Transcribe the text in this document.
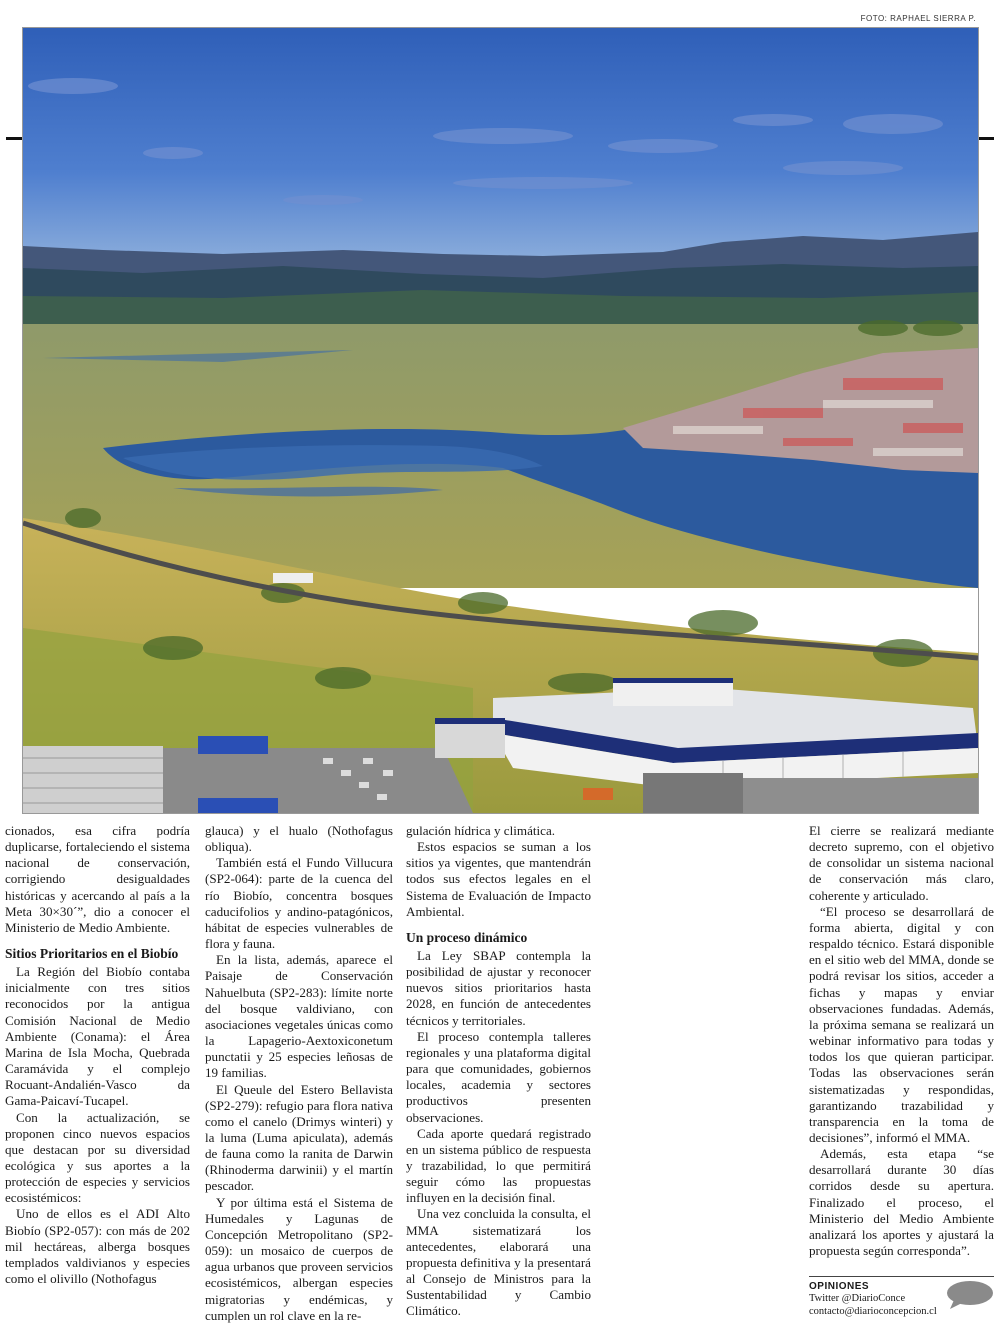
FOTO: RAPHAEL SIERRA P.

cionados, esa cifra podría duplicarse, fortaleciendo el sistema nacional de conservación, corrigiendo desigualdades históricas y acercando al país a la Meta 30×30´”, dio a conocer el Ministerio de Medio Ambiente.

Sitios Prioritarios en el Biobío

La Región del Biobío contaba inicialmente con tres sitios reconocidos por la antigua Comisión Nacional de Medio Ambiente (Conama): el Área Marina de Isla Mocha, Quebrada Caramávida y el complejo Rocuant-Andalién-Vasco da Gama-Paicaví-Tucapel.

Con la actualización, se proponen cinco nuevos espacios que destacan por su diversidad ecológica y sus aportes a la protección de especies y servicios ecosistémicos:

Uno de ellos es el ADI Alto Biobío (SP2-057): con más de 202 mil hectáreas, alberga bosques templados valdivianos y especies como el olivillo (Nothofagus

glauca) y el hualo (Nothofagus obliqua).

También está el Fundo Villucura (SP2-064): parte de la cuenca del río Biobío, concentra bosques caducifolios y andino-patagónicos, hábitat de especies vulnerables de flora y fauna.

En la lista, además, aparece el Paisaje de Conservación Nahuelbuta (SP2-283): límite norte del bosque valdiviano, con asociaciones vegetales únicas como la Lapagerio-Aextoxiconetum punctatii y 25 especies leñosas de 19 familias.

El Queule del Estero Bellavista (SP2-279): refugio para flora nativa como el canelo (Drimys winteri) y la luma (Luma apiculata), además de fauna como la ranita de Darwin (Rhinoderma darwinii) y el martín pescador.

Y por última está el Sistema de Humedales y Lagunas de Concepción Metropolitano (SP2-059): un mosaico de cuerpos de agua urbanos que proveen servicios ecosistémicos, albergan especies migratorias y endémicas, y cumplen un rol clave en la re-

gulación hídrica y climática.

Estos espacios se suman a los sitios ya vigentes, que mantendrán todos sus efectos legales en el Sistema de Evaluación de Impacto Ambiental.

Un proceso dinámico

La Ley SBAP contempla la posibilidad de ajustar y reconocer nuevos sitios prioritarios hasta 2028, en función de antecedentes técnicos y territoriales.

El proceso contempla talleres regionales y una plataforma digital para que comunidades, gobiernos locales, academia y sectores productivos presenten observaciones.

Cada aporte quedará registrado en un sistema público de respuesta y trazabilidad, lo que permitirá seguir cómo las propuestas influyen en la decisión final.

Una vez concluida la consulta, el MMA sistematizará los antecedentes, elaborará una propuesta definitiva y la presentará al Consejo de Ministros para la Sustentabilidad y Cambio Climático.

El cierre se realizará mediante decreto supremo, con el objetivo de consolidar un sistema nacional de conservación más claro, coherente y articulado.

“El proceso se desarrollará de forma abierta, digital y con respaldo técnico. Estará disponible en el sitio web del MMA, donde se podrá revisar los sitios, acceder a fichas y mapas y enviar observaciones fundadas. Además, la próxima semana se realizará un webinar informativo para todas y todos los que quieran participar. Todas las observaciones serán sistematizadas y respondidas, garantizando trazabilidad y transparencia en la toma de decisiones”, informó el MMA.

Además, esta etapa “se desarrollará durante 30 días corridos desde su apertura. Finalizado el proceso, el Ministerio del Medio Ambiente analizará los aportes y ajustará la propuesta según corresponda”.

OPINIONES
Twitter @DiarioConce
contacto@diarioconcepcion.cl
